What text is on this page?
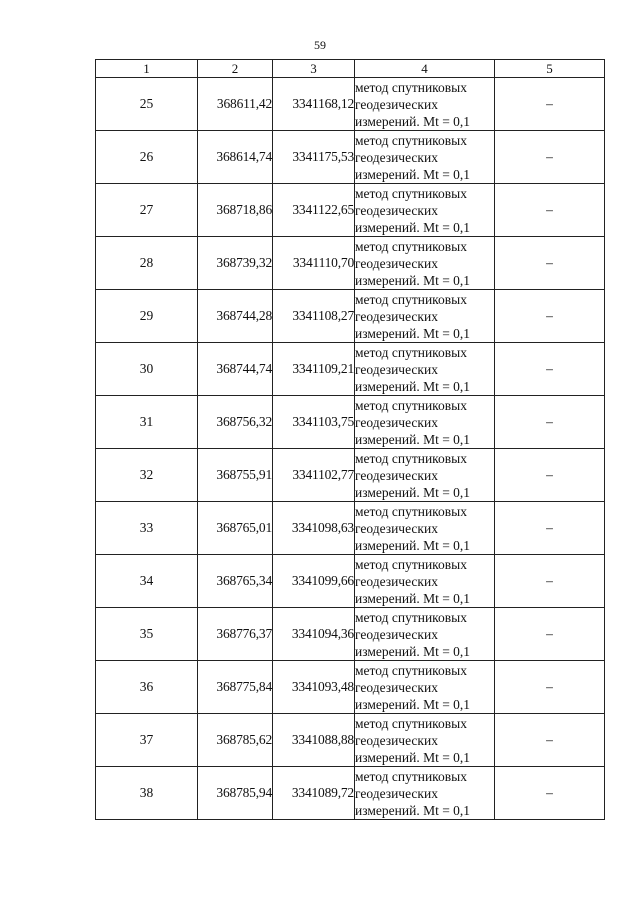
59
1	2	3	4	5
25	368611,42	3341168,12	метод спутниковых
геодезических
измерений. Mt = 0,1	–
26	368614,74	3341175,53	метод спутниковых
геодезических
измерений. Mt = 0,1	–
27	368718,86	3341122,65	метод спутниковых
геодезических
измерений. Mt = 0,1	–
28	368739,32	3341110,70	метод спутниковых
геодезических
измерений. Mt = 0,1	–
29	368744,28	3341108,27	метод спутниковых
геодезических
измерений. Mt = 0,1	–
30	368744,74	3341109,21	метод спутниковых
геодезических
измерений. Mt = 0,1	–
31	368756,32	3341103,75	метод спутниковых
геодезических
измерений. Mt = 0,1	–
32	368755,91	3341102,77	метод спутниковых
геодезических
измерений. Mt = 0,1	–
33	368765,01	3341098,63	метод спутниковых
геодезических
измерений. Mt = 0,1	–
34	368765,34	3341099,66	метод спутниковых
геодезических
измерений. Mt = 0,1	–
35	368776,37	3341094,36	метод спутниковых
геодезических
измерений. Mt = 0,1	–
36	368775,84	3341093,48	метод спутниковых
геодезических
измерений. Mt = 0,1	–
37	368785,62	3341088,88	метод спутниковых
геодезических
измерений. Mt = 0,1	–
38	368785,94	3341089,72	метод спутниковых
геодезических
измерений. Mt = 0,1	–
